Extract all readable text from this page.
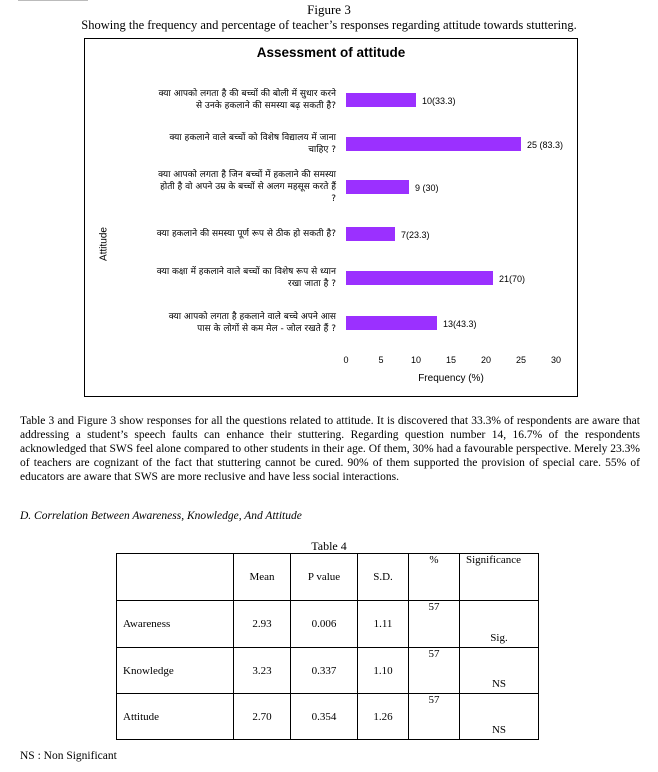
Figure 3
Showing the frequency and percentage of teacher’s responses regarding attitude towards stuttering.
Assessment of attitude
Attitude
क्या आपको लगता है की बच्चों की बोली में सुधार करने
से उनके हकलाने की समस्या बढ़ सकती है?
क्या हकलाने वाले बच्चों को विशेष विद्यालय में जाना
चाहिए ?
क्या आपको लगता है जिन बच्चों में हकलाने की समस्या
होती है वो अपने उम्र के बच्चों से अलग महसूस करते हैं
?
क्या हकलाने की समस्या पूर्ण रूप से ठीक हो सकती है?
क्या कक्षा में हकलाने वाले बच्चों का विशेष रूप से ध्यान
रखा जाता है ?
क्या आपको लगता है हकलाने वाले बच्चे अपने आस
पास के लोगों से कम मेल - जोल रखते हैं ?
10(33.3)
25 (83.3)
9 (30)
7(23.3)
21(70)
13(43.3)
0	5	10	15	20	25	30
Frequency (%)
Table 3 and Figure 3 show responses for all the questions related to attitude. It is discovered that 33.3% of respondents are aware that addressing a student’s speech faults can enhance their stuttering. Regarding question number 14, 16.7% of the respondents acknowledged that SWS feel alone compared to other students in their age. Of them, 30% had a favourable perspective. Merely 23.3% of teachers are cognizant of the fact that stuttering cannot be cured. 90% of them supported the provision of special care. 55% of educators are aware that SWS are more reclusive and have less social interactions.
D. Correlation Between Awareness, Knowledge, And Attitude
Table 4
	Mean	P value	S.D.	%	Significance
Awareness	2.93	0.006	1.11	57	Sig.
Knowledge	3.23	0.337	1.10	57	NS
Attitude	2.70	0.354	1.26	57	NS
NS : Non Significant
